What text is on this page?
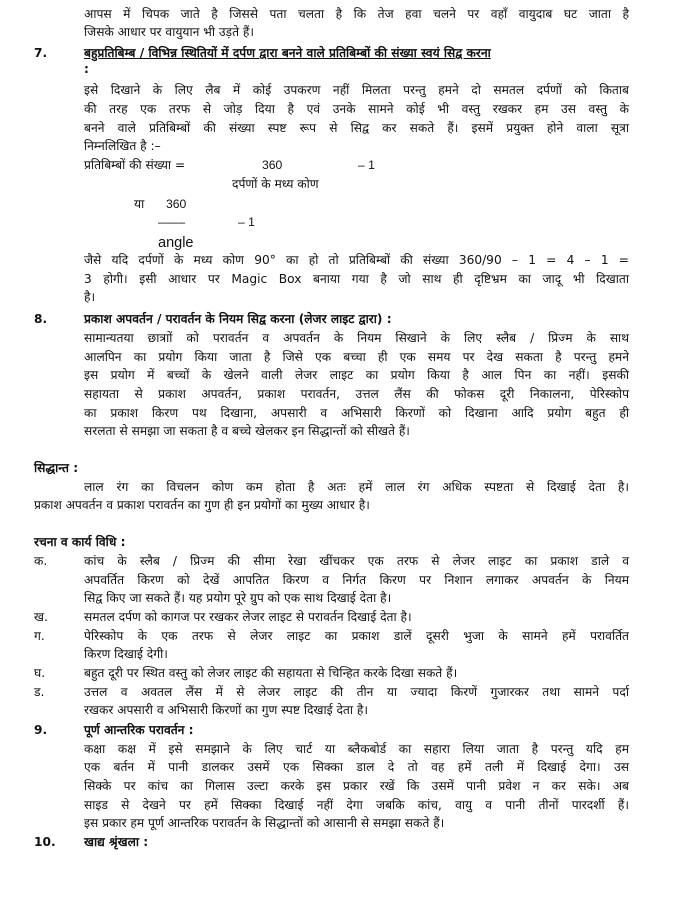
आपस में चिपक जाते है जिससे पता चलता है कि तेज हवा चलने पर वहाँ वायुदाब घट जाता है
जिसके आधार पर वायुयान भी उड़ते हैं।
7.	बहुप्रतिबिम्ब / विभिन्न स्थितियों में दर्पण द्वारा बनने वाले प्रतिबिम्बों की संख्या स्वयं सिद्व करना
:
इसे दिखाने के लिए लैब में कोई उपकरण नहीं मिलता परन्तु हमने दो समतल दर्पणों को किताब
की तरह एक तरफ से जोड़ दिया है एवं उनके सामने कोई भी वस्तु रखकर हम उस वस्तु के
बनने वाले प्रतिबिम्बों की संख्या स्पष्ट रूप से सिद्व कर सकते हैं। इसमें प्रयुक्त होने वाला सूत्रा
निम्नलिखित है :–
प्रतिबिम्बों की संख्या =	360	– 1
दर्पणों के मध्य कोण
या 360
––––	– 1
angle
जैसे यदि दर्पणों के मध्य कोण 90° का हो तो प्रतिबिम्बों की संख्या 360/90 – 1 = 4 – 1 =
3 होगी। इसी आधार पर Magic Box बनाया गया है जो साथ ही दृष्टिभ्रम का जादू भी दिखाता
है।
8.	प्रकाश अपवर्तन / परावर्तन के नियम सिद्व करना (लेजर लाइट द्वारा) :
सामान्यतया छात्राों को परावर्तन व अपवर्तन के नियम सिखाने के लिए स्लैब / प्रिज्म के साथ
आलपिन का प्रयोग किया जाता है जिसे एक बच्चा ही एक समय पर देख सकता है परन्तु हमने
इस प्रयोग में बच्चों के खेलने वाली लेजर लाइट का प्रयोग किया है आल पिन का नहीं। इसकी
सहायता से प्रकाश अपवर्तन, प्रकाश परावर्तन, उत्तल लैंस की फोकस दूरी निकालना, पेरिस्कोप
का प्रकाश किरण पथ दिखाना, अपसारी व अभिसारी किरणों को दिखाना आदि प्रयोग बहुत ही
सरलता से समझा जा सकता है व बच्चे खेलकर इन सिद्धान्तों को सीखते हैं।
सिद्धान्त :
लाल रंग का विचलन कोण कम होता है अतः हमें लाल रंग अधिक स्पष्टता से दिखाई देता है।
प्रकाश अपवर्तन व प्रकाश परावर्तन का गुण ही इन प्रयोगों का मुख्य आधार है।
रचना व कार्य विधि :
क.	कांच के स्लैब / प्रिज्म की सीमा रेखा खींचकर एक तरफ से लेजर लाइट का प्रकाश डाले व
अपवर्तित किरण को देखें आपतित किरण व निर्गत किरण पर निशान लगाकर अपवर्तन के नियम
सिद्व किए जा सकते हैं। यह प्रयोग पूरे ग्रुप को एक साथ दिखाई देता है।
ख.	समतल दर्पण को कागज पर रखकर लेजर लाइट से परावर्तन दिखाई देता है।
ग.	पेरिस्कोप के एक तरफ से लेजर लाइट का प्रकाश डालें दूसरी भुजा के सामने हमें परावर्तित
किरण दिखाई देगी।
घ.	बहुत दूरी पर स्थित वस्तु को लेजर लाइट की सहायता से चिन्हित करके दिखा सकते हैं।
ड.	उत्तल व अवतल लैंस में से लेजर लाइट की तीन या ज्यादा किरणें गुजारकर तथा सामने पर्दा
रखकर अपसारी व अभिसारी किरणों का गुण स्पष्ट दिखाई देता है।
9.	पूर्ण आन्तरिक परावर्तन :
कक्षा कक्ष में इसे समझाने के लिए चार्ट या ब्लैकबोर्ड का सहारा लिया जाता है परन्तु यदि हम
एक बर्तन में पानी डालकर उसमें एक सिक्का डाल दे तो वह हमें तली में दिखाई देगा। उस
सिक्के पर कांच का गिलास उल्टा करके इस प्रकार रखें कि उसमें पानी प्रवेश न कर सके। अब
साइड से देखने पर हमें सिक्का दिखाई नहीं देगा जबकि कांच, वायु व पानी तीनों पारदर्शी हैं।
इस प्रकार हम पूर्ण आन्तरिक परावर्तन के सिद्धान्तों को आसानी से समझा सकते हैं।
10. खाद्य श्रृंखला :
